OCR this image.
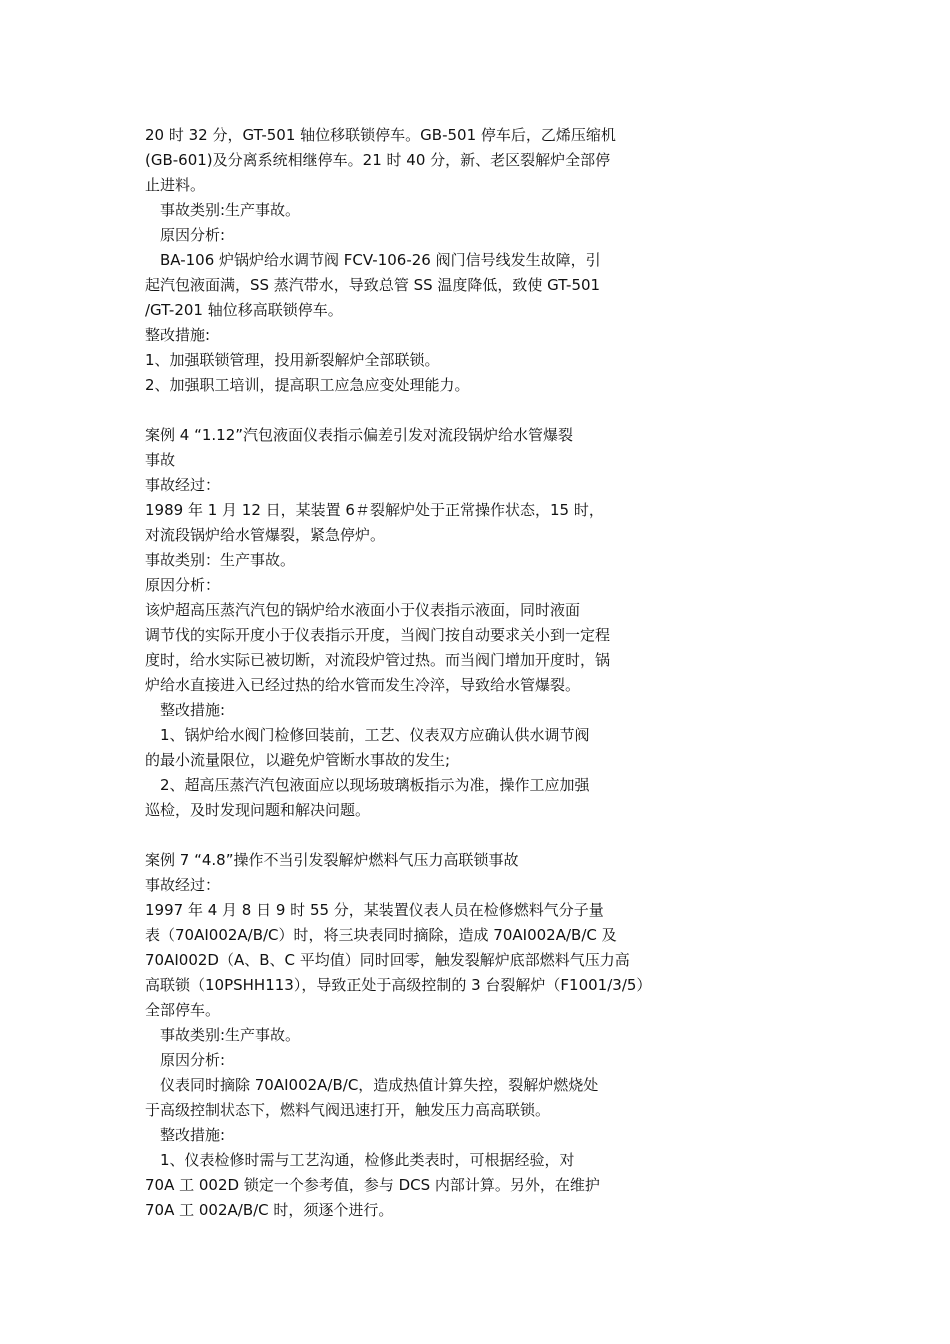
20 时 32 分，GT-501 轴位移联锁停车。GB-501 停车后，乙烯压缩机
(GB-601)及分离系统相继停车。21 时 40 分，新、老区裂解炉全部停
止进料。
　事故类别:生产事故。
　原因分析:
　BA-106 炉锅炉给水调节阀 FCV-106-26 阀门信号线发生故障，引
起汽包液面满，SS 蒸汽带水，导致总管 SS 温度降低，致使 GT-501
/GT-201 轴位移高联锁停车。
整改措施:
1、加强联锁管理，投用新裂解炉全部联锁。
2、加强职工培训，提高职工应急应变处理能力。
案例 4 “1.12”汽包液面仪表指示偏差引发对流段锅炉给水管爆裂
事故
事故经过：
1989 年 1 月 12 日，某装置 6＃裂解炉处于正常操作状态，15 时，
对流段锅炉给水管爆裂，紧急停炉。
事故类别：生产事故。
原因分析：
该炉超高压蒸汽汽包的锅炉给水液面小于仪表指示液面，同时液面
调节伐的实际开度小于仪表指示开度，当阀门按自动要求关小到一定程
度时，给水实际已被切断，对流段炉管过热。而当阀门增加开度时，锅
炉给水直接进入已经过热的给水管而发生冷淬，导致给水管爆裂。
　整改措施:
　1、锅炉给水阀门检修回装前，工艺、仪表双方应确认供水调节阀
的最小流量限位，以避免炉管断水事故的发生;
　2、超高压蒸汽汽包液面应以现场玻璃板指示为准，操作工应加强
巡检，及时发现问题和解决问题。
案例 7 “4.8”操作不当引发裂解炉燃料气压力高联锁事故
事故经过：
1997 年 4 月 8 日 9 时 55 分，某装置仪表人员在检修燃料气分子量
表（70AI002A/B/C）时，将三块表同时摘除，造成 70AI002A/B/C 及
70AI002D（A、B、C 平均值）同时回零，触发裂解炉底部燃料气压力高
高联锁（10PSHH113），导致正处于高级控制的 3 台裂解炉（F1001/3/5）
全部停车。
　事故类别:生产事故。
　原因分析:
　仪表同时摘除 70AI002A/B/C，造成热值计算失控，裂解炉燃烧处
于高级控制状态下，燃料气阀迅速打开，触发压力高高联锁。
　整改措施:
　1、仪表检修时需与工艺沟通，检修此类表时，可根据经验，对
70A 工 002D 锁定一个参考值，参与 DCS 内部计算。另外，在维护
70A 工 002A/B/C 时，须逐个进行。
